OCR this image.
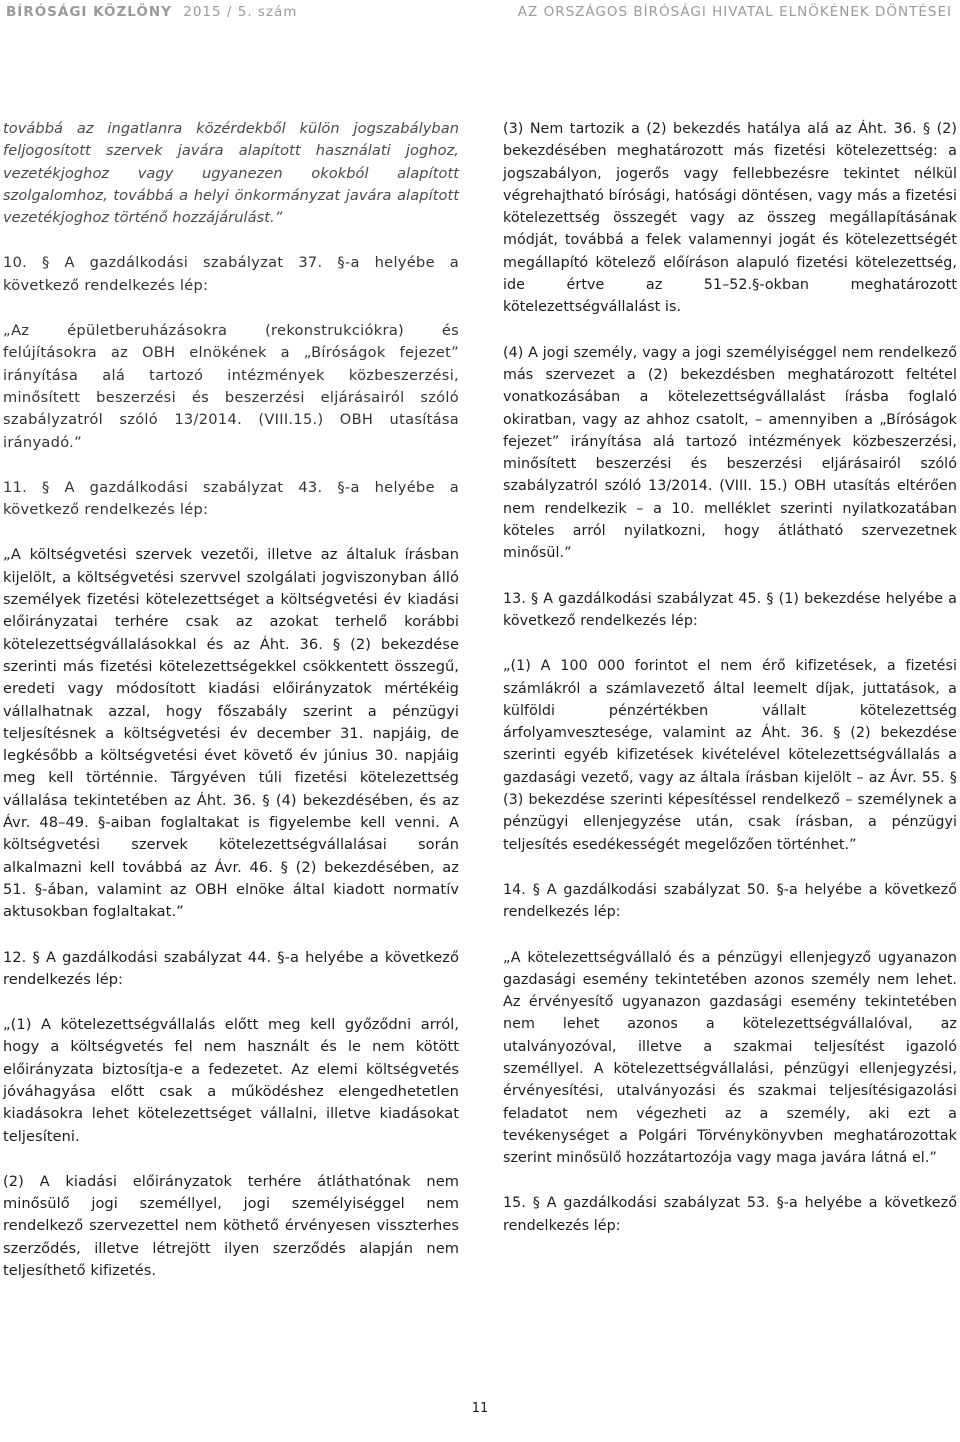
BÍRÓSÁGI KÖZLÖNY 2015 / 5. szám	AZ ORSZÁGOS BÍRÓSÁGI HIVATAL ELNÖKÉNEK DÖNTÉSEI

továbbá az ingatlanra közérdekből külön jogszabályban feljogosított szervek javára alapított használati joghoz, vezetékjoghoz vagy ugyanezen okokból alapított szolgalomhoz, továbbá a helyi önkormányzat javára alapított vezetékjoghoz történő hozzájárulást.”

10. § A gazdálkodási szabályzat 37. §-a helyébe a következő rendelkezés lép:

„Az épületberuházásokra (rekonstrukciókra) és felújításokra az OBH elnökének a „Bíróságok fejezet” irányítása alá tartozó intézmények közbeszerzési, minősített beszerzési és beszerzési eljárásairól szóló szabályzatról szóló 13/2014. (VIII.15.) OBH utasítása irányadó.”

11. § A gazdálkodási szabályzat 43. §-a helyébe a következő rendelkezés lép:

„A költségvetési szervek vezetői, illetve az általuk írásban kijelölt, a költségvetési szervvel szolgálati jogviszonyban álló személyek fizetési kötelezettséget a költségvetési év kiadási előirányzatai terhére csak az azokat terhelő korábbi kötelezettségvállalásokkal és az Áht. 36. § (2) bekezdése szerinti más fizetési kötelezettségekkel csökkentett összegű, eredeti vagy módosított kiadási előirányzatok mértékéig vállalhatnak azzal, hogy főszabály szerint a pénzügyi teljesítésnek a költségvetési év december 31. napjáig, de legkésőbb a költségvetési évet követő év június 30. napjáig meg kell történnie. Tárgyéven túli fizetési kötelezettség vállalása tekintetében az Áht. 36. § (4) bekezdésében, és az Ávr. 48–49. §-aiban foglaltakat is figyelembe kell venni. A költségvetési szervek kötelezettségvállalásai során alkalmazni kell továbbá az Ávr. 46. § (2) bekezdésében, az 51. §-ában, valamint az OBH elnöke által kiadott normatív aktusokban foglaltakat.”

12. § A gazdálkodási szabályzat 44. §-a helyébe a következő rendelkezés lép:

„(1) A kötelezettségvállalás előtt meg kell győződni arról, hogy a költségvetés fel nem használt és le nem kötött előirányzata biztosítja-e a fedezetet. Az elemi költségvetés jóváhagyása előtt csak a működéshez elengedhetetlen kiadásokra lehet kötelezettséget vállalni, illetve kiadásokat teljesíteni.

(2) A kiadási előirányzatok terhére átláthatónak nem minősülő jogi személlyel, jogi személyiséggel nem rendelkező szervezettel nem köthető érvényesen visszterhes szerződés, illetve létrejött ilyen szerződés alapján nem teljesíthető kifizetés.

(3) Nem tartozik a (2) bekezdés hatálya alá az Áht. 36. § (2) bekezdésében meghatározott más fizetési kötelezettség: a jogszabályon, jogerős vagy fellebbezésre tekintet nélkül végrehajtható bírósági, hatósági döntésen, vagy más a fizetési kötelezettség összegét vagy az összeg megállapításának módját, továbbá a felek valamennyi jogát és kötelezettségét megállapító kötelező előíráson alapuló fizetési kötelezettség, ide értve az 51–52.§-okban meghatározott kötelezettségvállalást is.

(4) A jogi személy, vagy a jogi személyiséggel nem rendelkező más szervezet a (2) bekezdésben meghatározott feltétel vonatkozásában a kötelezettségvállalást írásba foglaló okiratban, vagy az ahhoz csatolt, – amennyiben a „Bíróságok fejezet” irányítása alá tartozó intézmények közbeszerzési, minősített beszerzési és beszerzési eljárásairól szóló szabályzatról szóló 13/2014. (VIII. 15.) OBH utasítás eltérően nem rendelkezik – a 10. melléklet szerinti nyilatkozatában köteles arról nyilatkozni, hogy átlátható szervezetnek minősül.”

13. § A gazdálkodási szabályzat 45. § (1) bekezdése helyébe a következő rendelkezés lép:

„(1) A 100 000 forintot el nem érő kifizetések, a fizetési számlákról a számlavezető által leemelt díjak, juttatások, a külföldi pénzértékben vállalt kötelezettség árfolyamvesztesége, valamint az Áht. 36. § (2) bekezdése szerinti egyéb kifizetések kivételével kötelezettségvállalás a gazdasági vezető, vagy az általa írásban kijelölt – az Ávr. 55. § (3) bekezdése szerinti képesítéssel rendelkező – személynek a pénzügyi ellenjegyzése után, csak írásban, a pénzügyi teljesítés esedékességét megelőzően történhet.”

14. § A gazdálkodási szabályzat 50. §-a helyébe a következő rendelkezés lép:

„A kötelezettségvállaló és a pénzügyi ellenjegyző ugyanazon gazdasági esemény tekintetében azonos személy nem lehet. Az érvényesítő ugyanazon gazdasági esemény tekintetében nem lehet azonos a kötelezettségvállalóval, az utalványozóval, illetve a szakmai teljesítést igazoló személlyel. A kötelezettségvállalási, pénzügyi ellenjegyzési, érvényesítési, utalványozási és szakmai teljesítésigazolási feladatot nem végezheti az a személy, aki ezt a tevékenységet a Polgári Törvénykönyvben meghatározottak szerint minősülő hozzátartozója vagy maga javára látná el.”

15. § A gazdálkodási szabályzat 53. §-a helyébe a következő rendelkezés lép:

11
